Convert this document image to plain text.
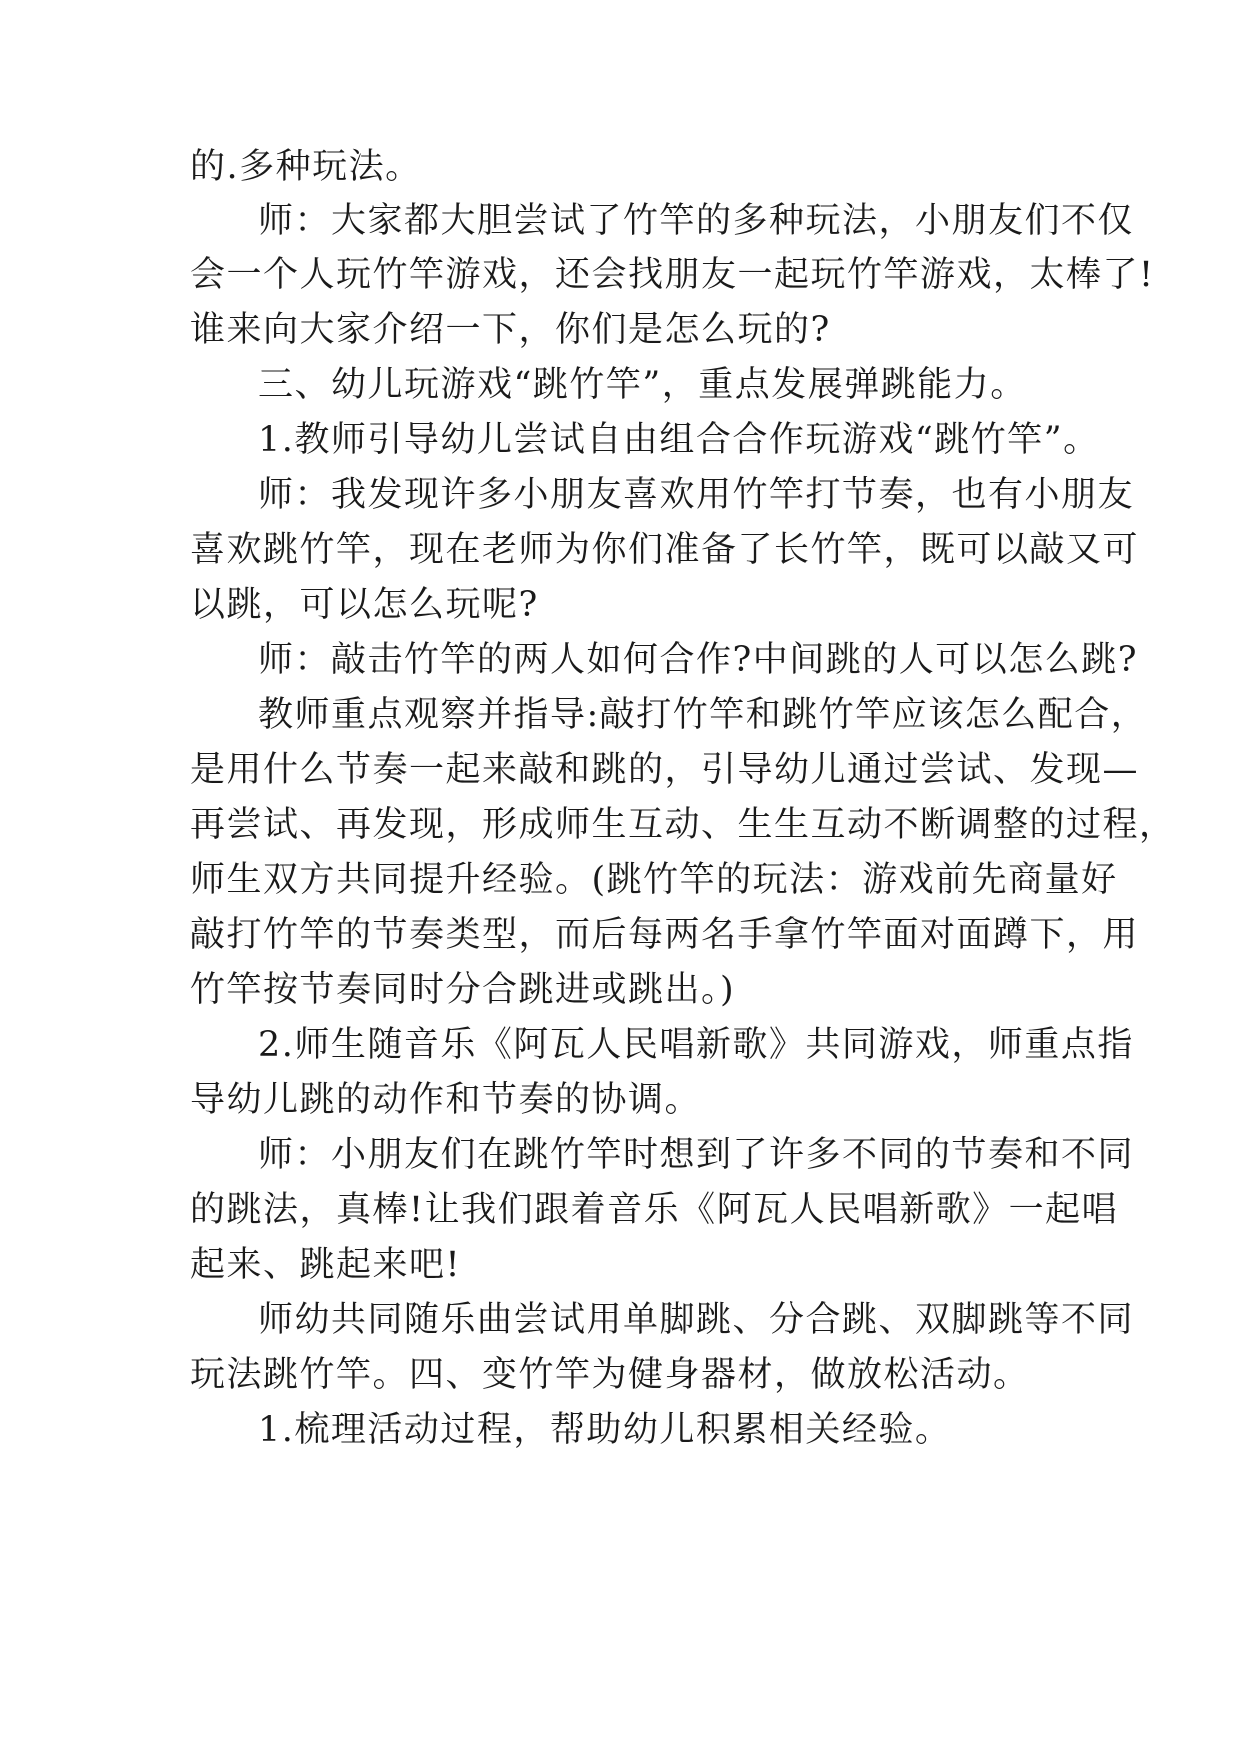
的.多种玩法。
师：大家都大胆尝试了竹竿的多种玩法，小朋友们不仅
会一个人玩竹竿游戏，还会找朋友一起玩竹竿游戏，太棒了!
谁来向大家介绍一下，你们是怎么玩的?
三、幼儿玩游戏“跳竹竿”，重点发展弹跳能力。
1.教师引导幼儿尝试自由组合合作玩游戏“跳竹竿”。
师：我发现许多小朋友喜欢用竹竿打节奏，也有小朋友
喜欢跳竹竿，现在老师为你们准备了长竹竿，既可以敲又可
以跳，可以怎么玩呢?
师：敲击竹竿的两人如何合作?中间跳的人可以怎么跳?
教师重点观察并指导:敲打竹竿和跳竹竿应该怎么配合，
是用什么节奏一起来敲和跳的，引导幼儿通过尝试、发现—
再尝试、再发现，形成师生互动、生生互动不断调整的过程，
师生双方共同提升经验。(跳竹竿的玩法：游戏前先商量好
敲打竹竿的节奏类型，而后每两名手拿竹竿面对面蹲下，用
竹竿按节奏同时分合跳进或跳出。)
2.师生随音乐《阿瓦人民唱新歌》共同游戏，师重点指
导幼儿跳的动作和节奏的协调。
师：小朋友们在跳竹竿时想到了许多不同的节奏和不同
的跳法，真棒!让我们跟着音乐《阿瓦人民唱新歌》一起唱
起来、跳起来吧!
师幼共同随乐曲尝试用单脚跳、分合跳、双脚跳等不同
玩法跳竹竿。四、变竹竿为健身器材，做放松活动。
1.梳理活动过程，帮助幼儿积累相关经验。
